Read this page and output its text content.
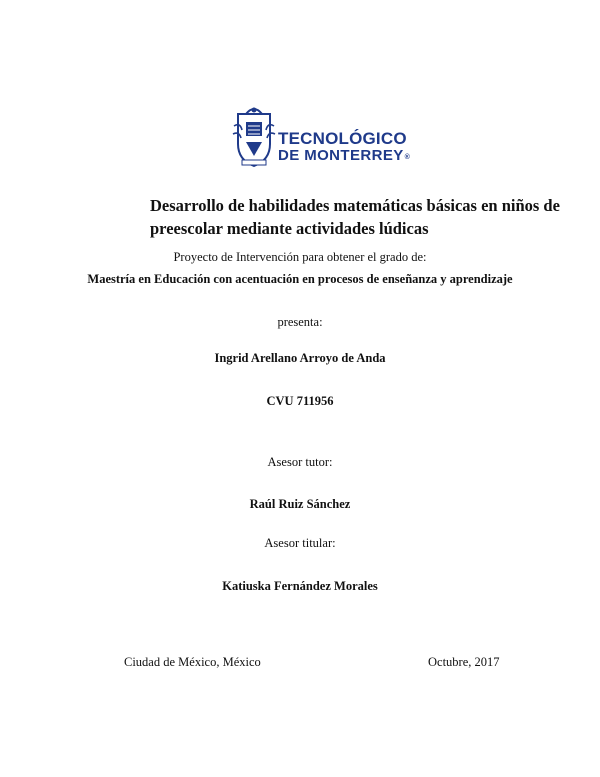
TECNOLÓGICO
DE MONTERREY®
Desarrollo de habilidades matemáticas básicas en niños de
preescolar mediante actividades lúdicas

Proyecto de Intervención para obtener el grado de:

Maestría en Educación con acentuación en procesos de enseñanza y aprendizaje

presenta:

Ingrid Arellano Arroyo de Anda

CVU 711956

Asesor tutor:

Raúl Ruiz Sánchez

Asesor titular:

Katiuska Fernández Morales

Ciudad de México, México	Octubre, 2017
